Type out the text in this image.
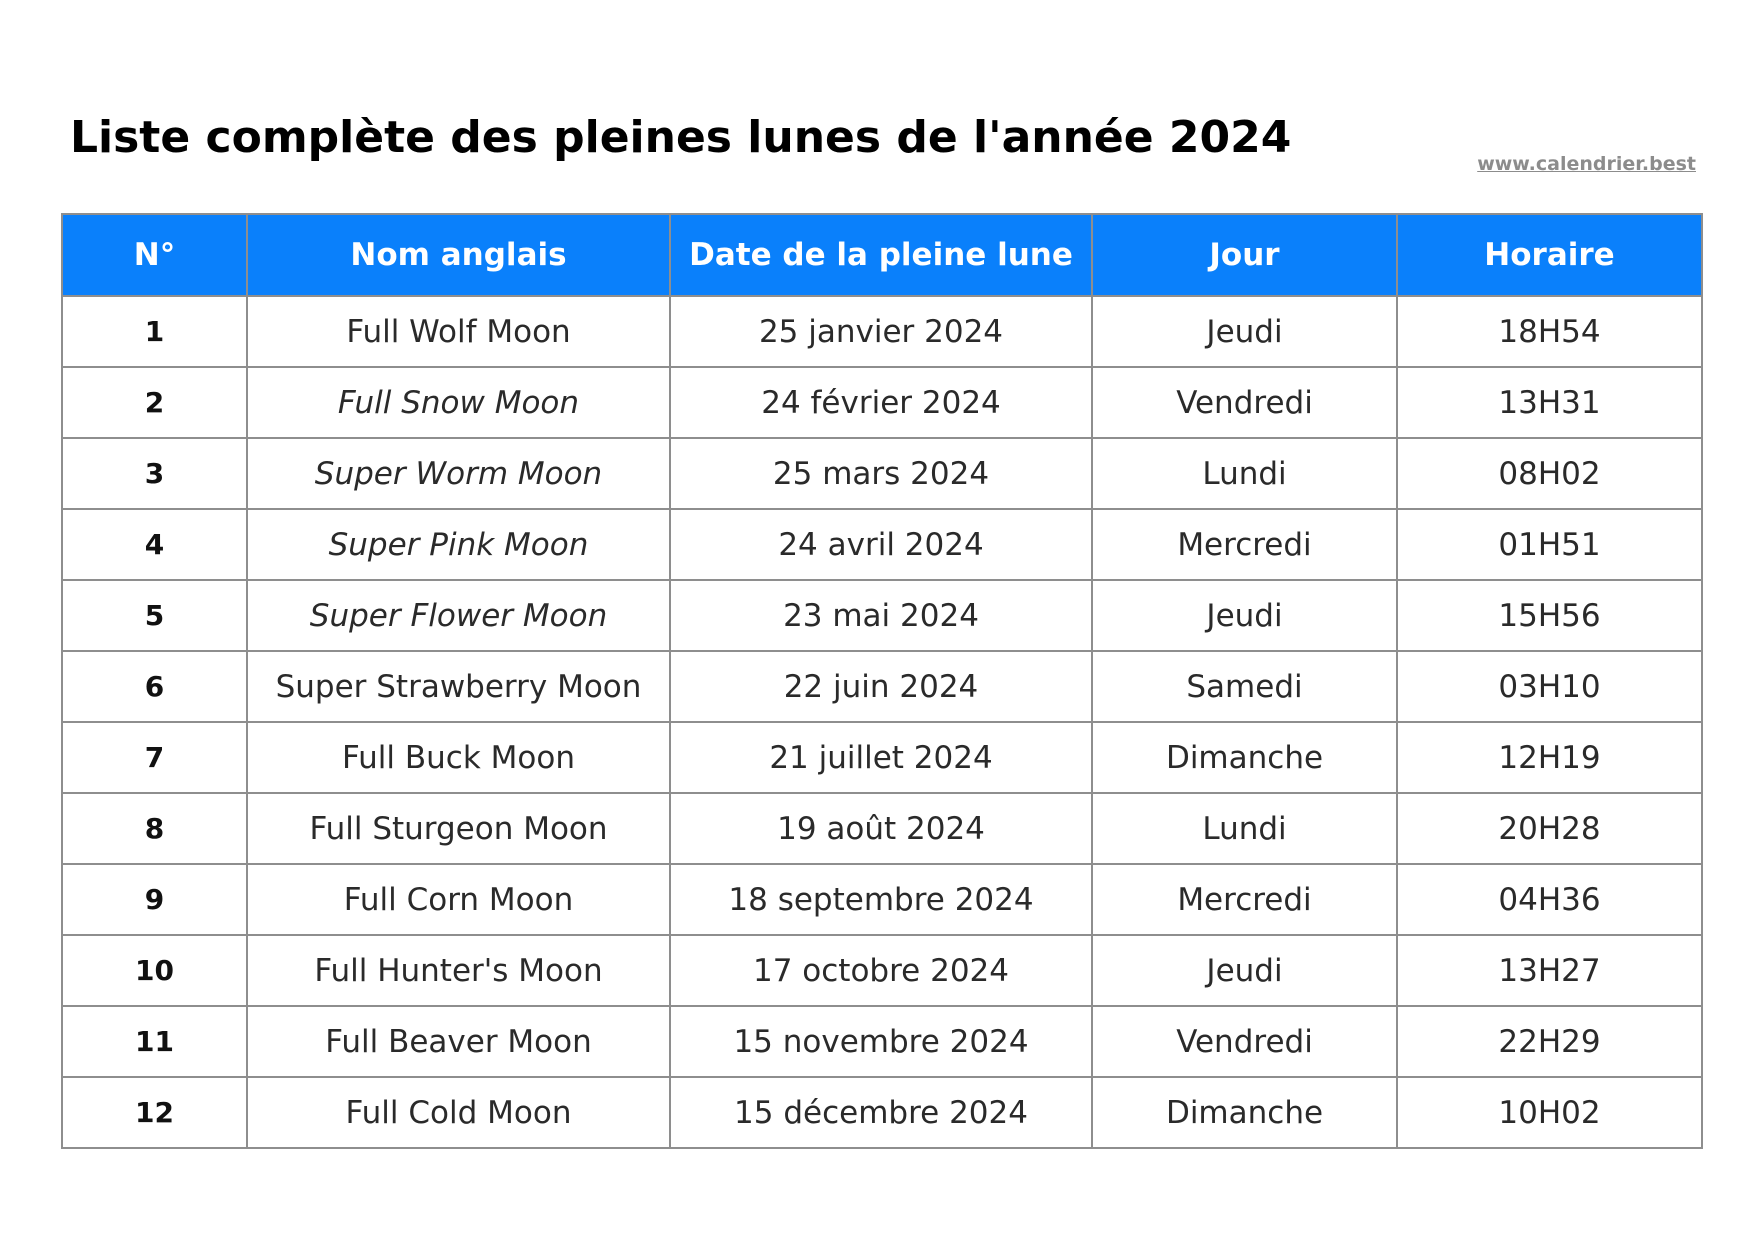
Liste complète des pleines lunes de l'année 2024
www.calendrier.best
N°	Nom anglais	Date de la pleine lune	Jour	Horaire
1	Full Wolf Moon	25 janvier 2024	Jeudi	18H54
2	Full Snow Moon	24 février 2024	Vendredi	13H31
3	Super Worm Moon	25 mars 2024	Lundi	08H02
4	Super Pink Moon	24 avril 2024	Mercredi	01H51
5	Super Flower Moon	23 mai 2024	Jeudi	15H56
6	Super Strawberry Moon	22 juin 2024	Samedi	03H10
7	Full Buck Moon	21 juillet 2024	Dimanche	12H19
8	Full Sturgeon Moon	19 août 2024	Lundi	20H28
9	Full Corn Moon	18 septembre 2024	Mercredi	04H36
10	Full Hunter's Moon	17 octobre 2024	Jeudi	13H27
11	Full Beaver Moon	15 novembre 2024	Vendredi	22H29
12	Full Cold Moon	15 décembre 2024	Dimanche	10H02
